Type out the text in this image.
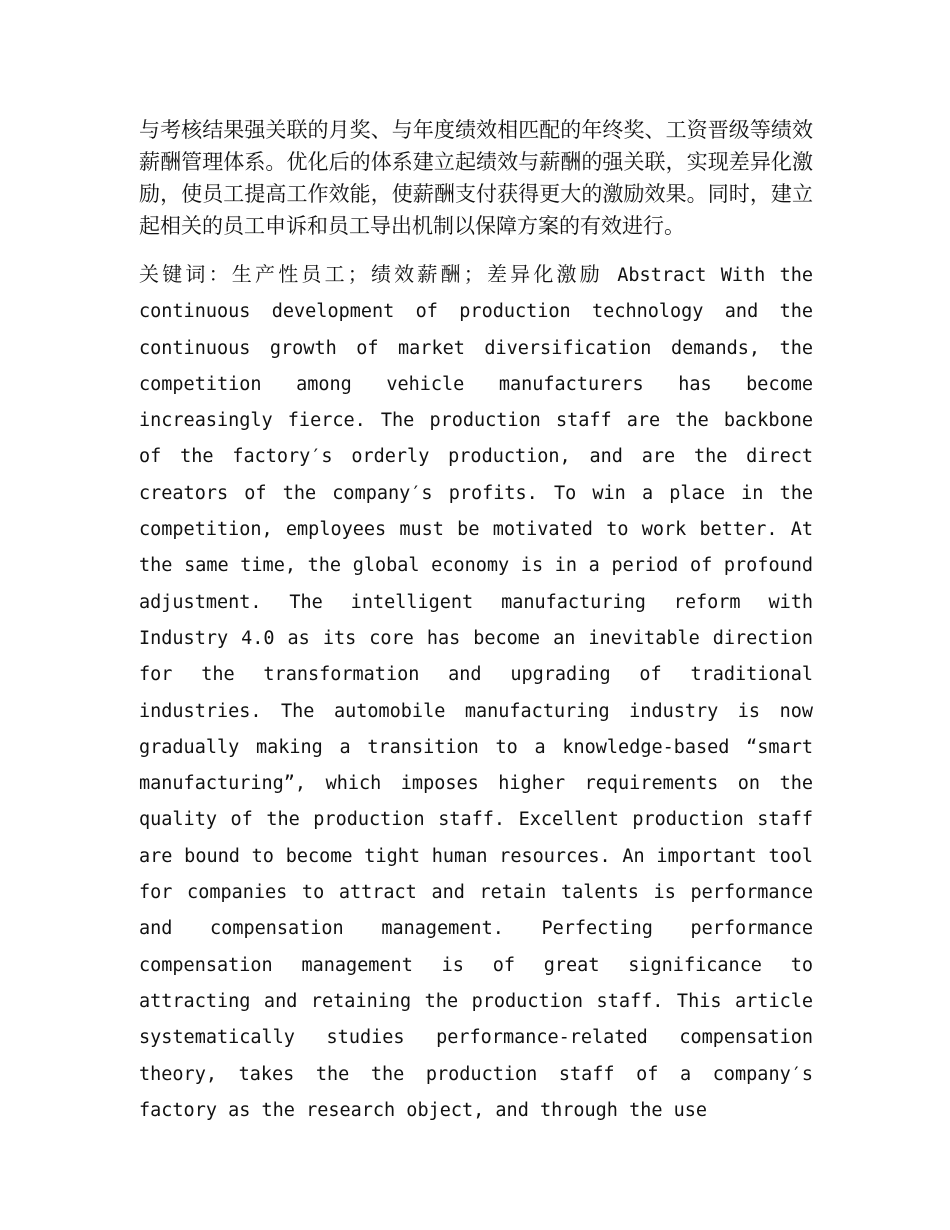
与考核结果强关联的月奖、与年度绩效相匹配的年终奖、工资晋级等绩效薪酬管理体系。优化后的体系建立起绩效与薪酬的强关联，实现差异化激励，使员工提高工作效能，使薪酬支付获得更大的激励效果。同时，建立起相关的员工申诉和员工导出机制以保障方案的有效进行。

关键词：生产性员工；绩效薪酬；差异化激励 Abstract With the continuous development of production technology and the continuous growth of market diversification demands, the competition among vehicle manufacturers has become increasingly fierce. The production staff are the backbone of the factory′s orderly production, and are the direct creators of the company′s profits. To win a place in the competition, employees must be motivated to work better. At the same time, the global economy is in a period of profound adjustment. The intelligent manufacturing reform with Industry 4.0 as its core has become an inevitable direction for the transformation and upgrading of traditional industries. The automobile manufacturing industry is now gradually making a transition to a knowledge-based “smart manufacturing”, which imposes higher requirements on the quality of the production staff. Excellent production staff are bound to become tight human resources. An important tool for companies to attract and retain talents is performance and compensation management. Perfecting performance compensation management is of great significance to attracting and retaining the production staff. This article systematically studies performance-related compensation theory, takes the the production staff of a company′s factory as the research object, and through the use
